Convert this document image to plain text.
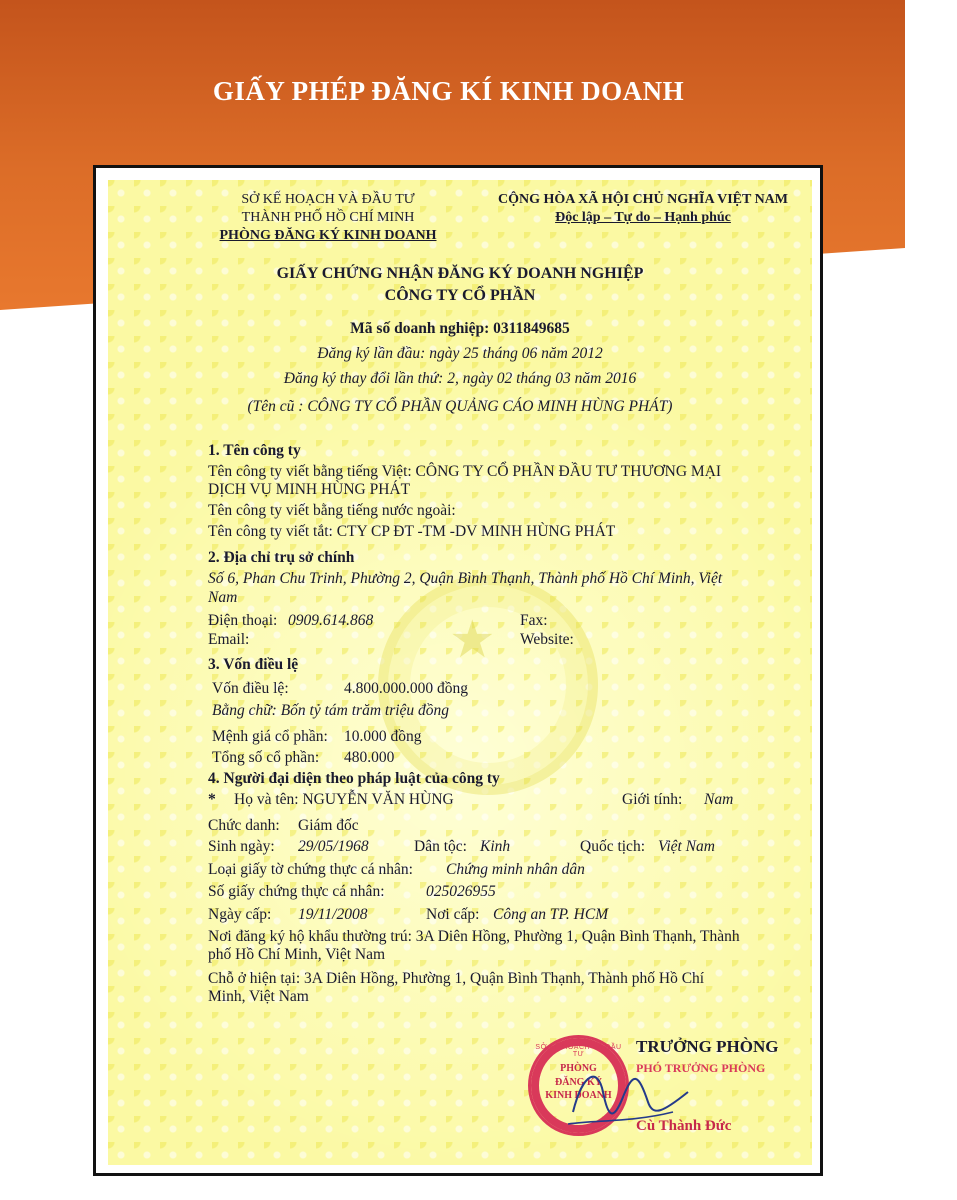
GIẤY PHÉP ĐĂNG KÍ KINH DOANH
★
SỞ KẾ HOẠCH VÀ ĐẦU TƯ
THÀNH PHỐ HỒ CHÍ MINH
PHÒNG ĐĂNG KÝ KINH DOANH
CỘNG HÒA XÃ HỘI CHỦ NGHĨA VIỆT NAM
Độc lập – Tự do – Hạnh phúc
GIẤY CHỨNG NHẬN ĐĂNG KÝ DOANH NGHIỆP
CÔNG TY CỔ PHẦN
Mã số doanh nghiệp: 0311849685
Đăng ký lần đầu: ngày 25 tháng 06 năm 2012
Đăng ký thay đổi lần thứ: 2, ngày 02 tháng 03 năm 2016
(Tên cũ : CÔNG TY CỔ PHẦN QUẢNG CÁO MINH HÙNG PHÁT)
1. Tên công ty
Tên công ty viết bằng tiếng Việt: CÔNG TY CỔ PHẦN ĐẦU TƯ THƯƠNG MẠI
DỊCH VỤ MINH HÙNG PHÁT
Tên công ty viết bằng tiếng nước ngoài:
Tên công ty viết tắt: CTY CP ĐT -TM -DV MINH HÙNG PHÁT
2. Địa chỉ trụ sở chính
Số 6, Phan Chu Trinh, Phường 2, Quận Bình Thạnh, Thành phố Hồ Chí Minh, Việt
Nam
Điện thoại: 0909.614.868	Fax:
Email:	Website:
3. Vốn điều lệ
Vốn điều lệ:	4.800.000.000 đồng
Bằng chữ: Bốn tỷ tám trăm triệu đồng
Mệnh giá cổ phần: 10.000 đồng
Tổng số cổ phần: 480.000
4. Người đại diện theo pháp luật của công ty
* Họ và tên: NGUYỄN VĂN HÙNG	Giới tính: Nam
Chức danh: Giám đốc
Sinh ngày: 29/05/1968	Dân tộc: Kinh	Quốc tịch: Việt Nam
Loại giấy tờ chứng thực cá nhân: Chứng minh nhân dân
Số giấy chứng thực cá nhân:	025026955
Ngày cấp: 19/11/2008	Nơi cấp: Công an TP. HCM
Nơi đăng ký hộ khẩu thường trú: 3A Diên Hồng, Phường 1, Quận Bình Thạnh, Thành
phố Hồ Chí Minh, Việt Nam
Chỗ ở hiện tại: 3A Diên Hồng, Phường 1, Quận Bình Thạnh, Thành phố Hồ Chí
Minh, Việt Nam
TRƯỞNG PHÒNG
PHÓ TRƯỞNG PHÒNG
SỞ KẾ HOẠCH VÀ ĐẦU TƯ
PHÒNG
ĐĂNG KÝ
KINH DOANH
Cù Thành Đức
